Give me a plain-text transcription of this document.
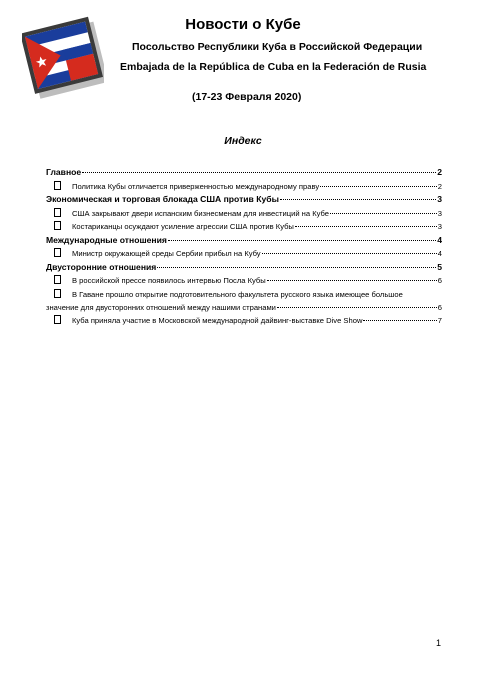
Новости о Кубе
Посольство Республики Куба в Российской Федерации
Embajada de la República de Cuba en la Federación de Rusia
(17-23 Февраля 2020)
Индекс
Главное	2
Политика Кубы отличается приверженностью международному праву	2
Экономическая и торговая блокада США против Кубы	3
США закрывают двери испанским бизнесменам для инвестиций на Кубе	3
Костариканцы осуждают усиление агрессии США против Кубы	3
Международные отношения	4
Министр окружающей среды Сербии прибыл на Кубу	4
Двусторонние отношения	5
В российской прессе появилось интервью Посла Кубы	6
В Гаване прошло открытие подготовительного факультета русского языка имеющее большое
значение для двусторонних отношений между нашими странами	6
Куба приняла участие в Московской международной дайвинг-выставке Dive Show	7
1
